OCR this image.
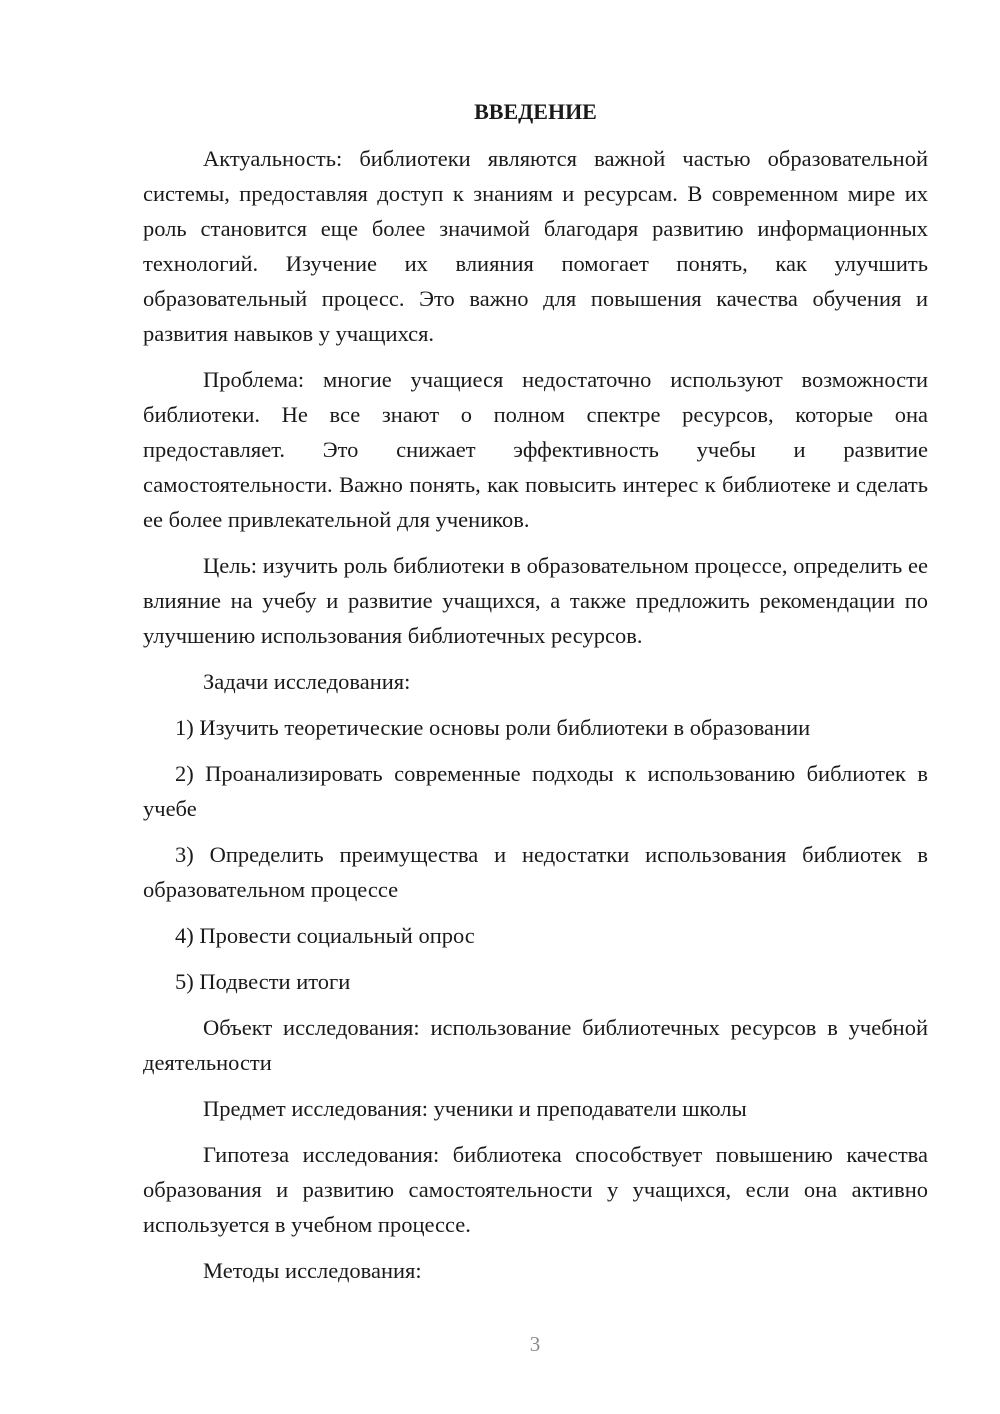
ВВЕДЕНИЕ

Актуальность: библиотеки являются важной частью образовательной системы, предоставляя доступ к знаниям и ресурсам. В современном мире их роль становится еще более значимой благодаря развитию информационных технологий. Изучение их влияния помогает понять, как улучшить образовательный процесс. Это важно для повышения качества обучения и развития навыков у учащихся.

Проблема: многие учащиеся недостаточно используют возможности библиотеки. Не все знают о полном спектре ресурсов, которые она предоставляет. Это снижает эффективность учебы и развитие самостоятельности. Важно понять, как повысить интерес к библиотеке и сделать ее более привлекательной для учеников.

Цель: изучить роль библиотеки в образовательном процессе, определить ее влияние на учебу и развитие учащихся, а также предложить рекомендации по улучшению использования библиотечных ресурсов.

Задачи исследования:

1) Изучить теоретические основы роли библиотеки в образовании

2) Проанализировать современные подходы к использованию библиотек в учебе

3) Определить преимущества и недостатки использования библиотек в образовательном процессе

4) Провести социальный опрос

5) Подвести итоги

Объект исследования: использование библиотечных ресурсов в учебной деятельности

Предмет исследования: ученики и преподаватели школы

Гипотеза исследования: библиотека способствует повышению качества образования и развитию самостоятельности у учащихся, если она активно используется в учебном процессе.

Методы исследования:

3
